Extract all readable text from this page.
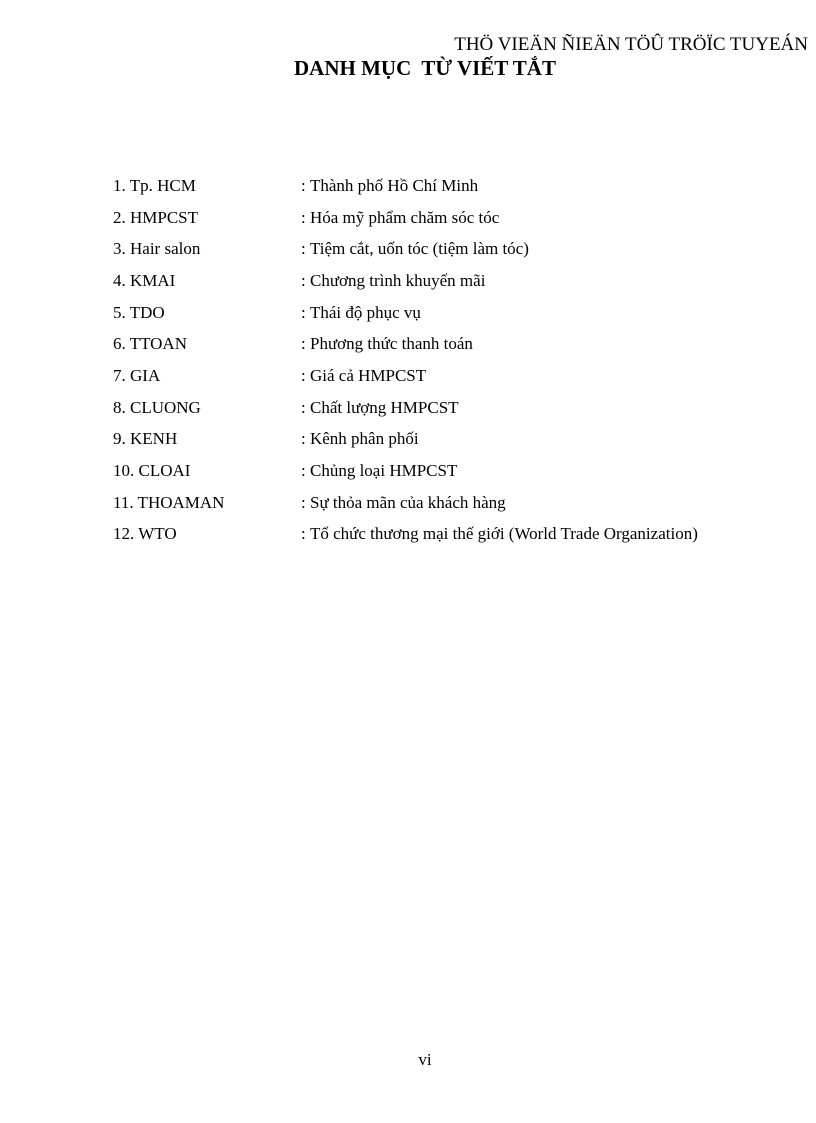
THÖ VIEÄN ÑIEÄN TÖÛ TRÖÏC TUYEÁN
DANH MỤC  TỪ VIẾT TẮT
1. Tp. HCM	: Thành phố Hồ Chí Minh
2. HMPCST	: Hóa mỹ phẩm chăm sóc tóc
3. Hair salon	: Tiệm cắt, uốn tóc (tiệm làm tóc)
4. KMAI	: Chương trình khuyến mãi
5. TDO	: Thái độ phục vụ
6. TTOAN	: Phương thức thanh toán
7. GIA	: Giá cả HMPCST
8. CLUONG	: Chất lượng HMPCST
9. KENH	: Kênh phân phối
10. CLOAI	: Chủng loại HMPCST
11. THOAMAN	: Sự thỏa mãn của khách hàng
12. WTO	: Tổ chức thương mại thế giới (World Trade Organization)
vi
